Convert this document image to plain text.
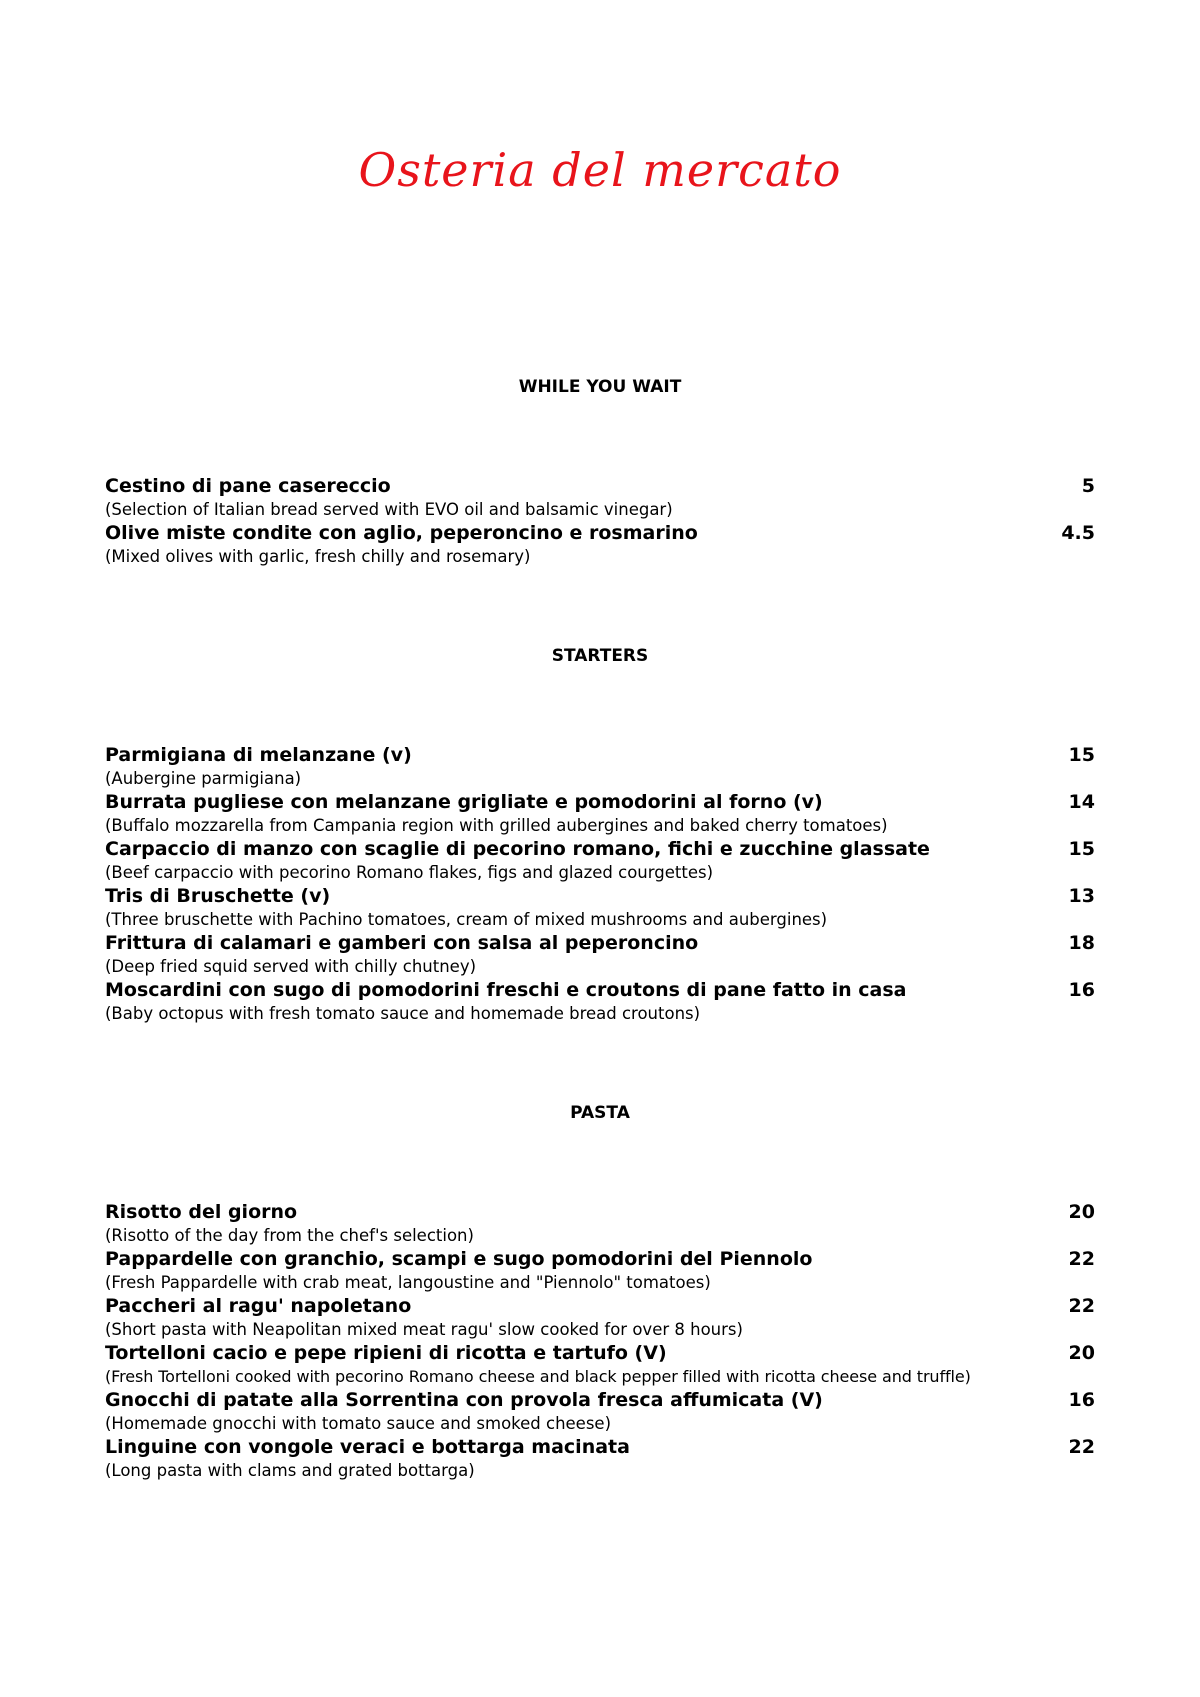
Osteria del mercato
WHILE YOU WAIT
Cestino di pane casereccio	5
(Selection of Italian bread served with EVO oil and balsamic vinegar)
Olive miste condite con aglio, peperoncino e rosmarino	4.5
(Mixed olives with garlic, fresh chilly and rosemary)
STARTERS
Parmigiana di melanzane (v)	15
(Aubergine parmigiana)
Burrata pugliese con melanzane grigliate e pomodorini al forno (v)	14
(Buffalo mozzarella from Campania region with grilled aubergines and baked cherry tomatoes)
Carpaccio di manzo con scaglie di pecorino romano, fichi e zucchine glassate	15
(Beef carpaccio with pecorino Romano flakes, figs and glazed courgettes)
Tris di Bruschette (v)	13
(Three bruschette with Pachino tomatoes, cream of mixed mushrooms and aubergines)
Frittura di calamari e gamberi con salsa al peperoncino	18
(Deep fried squid served with chilly chutney)
Moscardini con sugo di pomodorini freschi e croutons di pane fatto in casa	16
(Baby octopus with fresh tomato sauce and homemade bread croutons)
PASTA
Risotto del giorno	20
(Risotto of the day from the chef's selection)
Pappardelle con granchio, scampi e sugo pomodorini del Piennolo	22
(Fresh Pappardelle with crab meat, langoustine and "Piennolo" tomatoes)
Paccheri al ragu' napoletano	22
(Short pasta with Neapolitan mixed meat ragu' slow cooked for over 8 hours)
Tortelloni cacio e pepe ripieni di ricotta e tartufo (V)	20
(Fresh Tortelloni cooked with pecorino Romano cheese and black pepper filled with ricotta cheese and truffle)
Gnocchi di patate alla Sorrentina con provola fresca affumicata (V)	16
(Homemade gnocchi with tomato sauce and smoked cheese)
Linguine con vongole veraci e bottarga macinata	22
(Long pasta with clams and grated bottarga)
